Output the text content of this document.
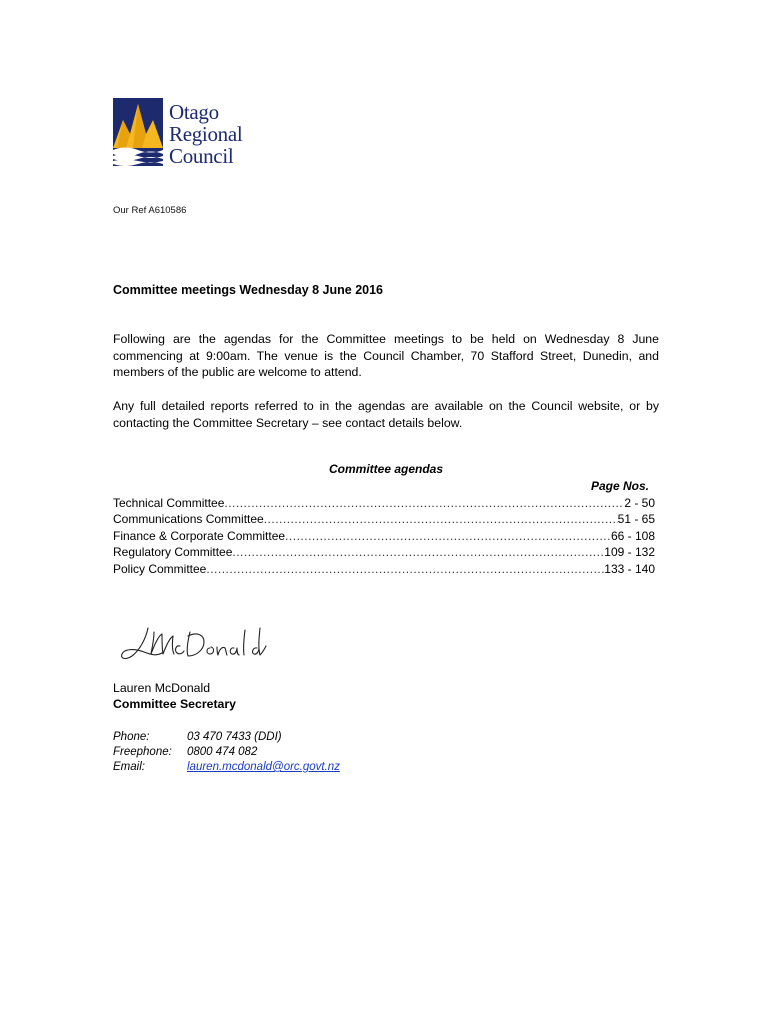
Otago
Regional
Council
Our Ref A610586
Committee meetings Wednesday 8 June 2016
Following are the agendas for the Committee meetings to be held on Wednesday 8 June commencing at 9:00am. The venue is the Council Chamber, 70 Stafford Street, Dunedin, and members of the public are welcome to attend.
Any full detailed reports referred to in the agendas are available on the Council website, or by contacting the Committee Secretary – see contact details below.
Committee agendas
Page Nos.
Technical Committee .....	2 - 50
Communications Committee .....	51 - 65
Finance & Corporate Committee .....	66 - 108
Regulatory Committee .....	109 - 132
Policy Committee .....	133 - 140
Lauren McDonald
Committee Secretary
Phone:	03 470 7433 (DDI)
Freephone:	0800 474 082
Email:	lauren.mcdonald@orc.govt.nz
